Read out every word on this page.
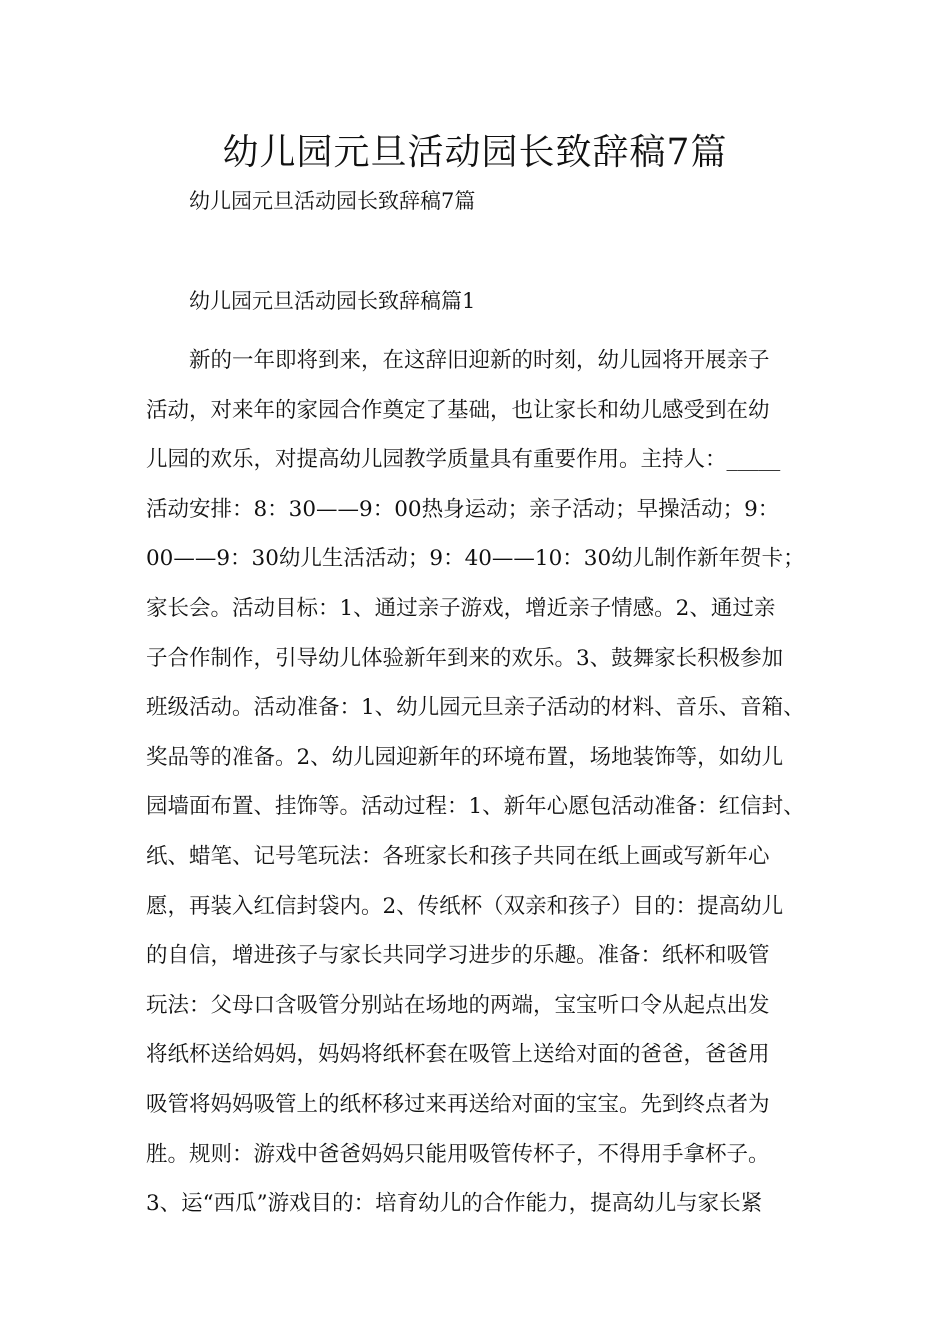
幼儿园元旦活动园长致辞稿7篇

幼儿园元旦活动园长致辞稿7篇

幼儿园元旦活动园长致辞稿篇1

新的一年即将到来，在这辞旧迎新的时刻，幼儿园将开展亲子
活动，对来年的家园合作奠定了基础，也让家长和幼儿感受到在幼
儿园的欢乐，对提高幼儿园教学质量具有重要作用。主持人：_____
活动安排：8：30——9：00热身运动；亲子活动；早操活动；9：
00——9：30幼儿生活活动；9：40——10：30幼儿制作新年贺卡；
家长会。活动目标：1、通过亲子游戏，增近亲子情感。2、通过亲
子合作制作，引导幼儿体验新年到来的欢乐。3、鼓舞家长积极参加
班级活动。活动准备：1、幼儿园元旦亲子活动的材料、音乐、音箱、
奖品等的准备。2、幼儿园迎新年的环境布置，场地装饰等，如幼儿
园墙面布置、挂饰等。活动过程：1、新年心愿包活动准备：红信封、
纸、蜡笔、记号笔玩法：各班家长和孩子共同在纸上画或写新年心
愿，再装入红信封袋内。2、传纸杯（双亲和孩子）目的：提高幼儿
的自信，增进孩子与家长共同学习进步的乐趣。准备：纸杯和吸管
玩法：父母口含吸管分别站在场地的两端，宝宝听口令从起点出发
将纸杯送给妈妈，妈妈将纸杯套在吸管上送给对面的爸爸，爸爸用
吸管将妈妈吸管上的纸杯移过来再送给对面的宝宝。先到终点者为
胜。规则：游戏中爸爸妈妈只能用吸管传杯子，不得用手拿杯子。
3、运“西瓜”游戏目的：培育幼儿的合作能力，提高幼儿与家长紧
